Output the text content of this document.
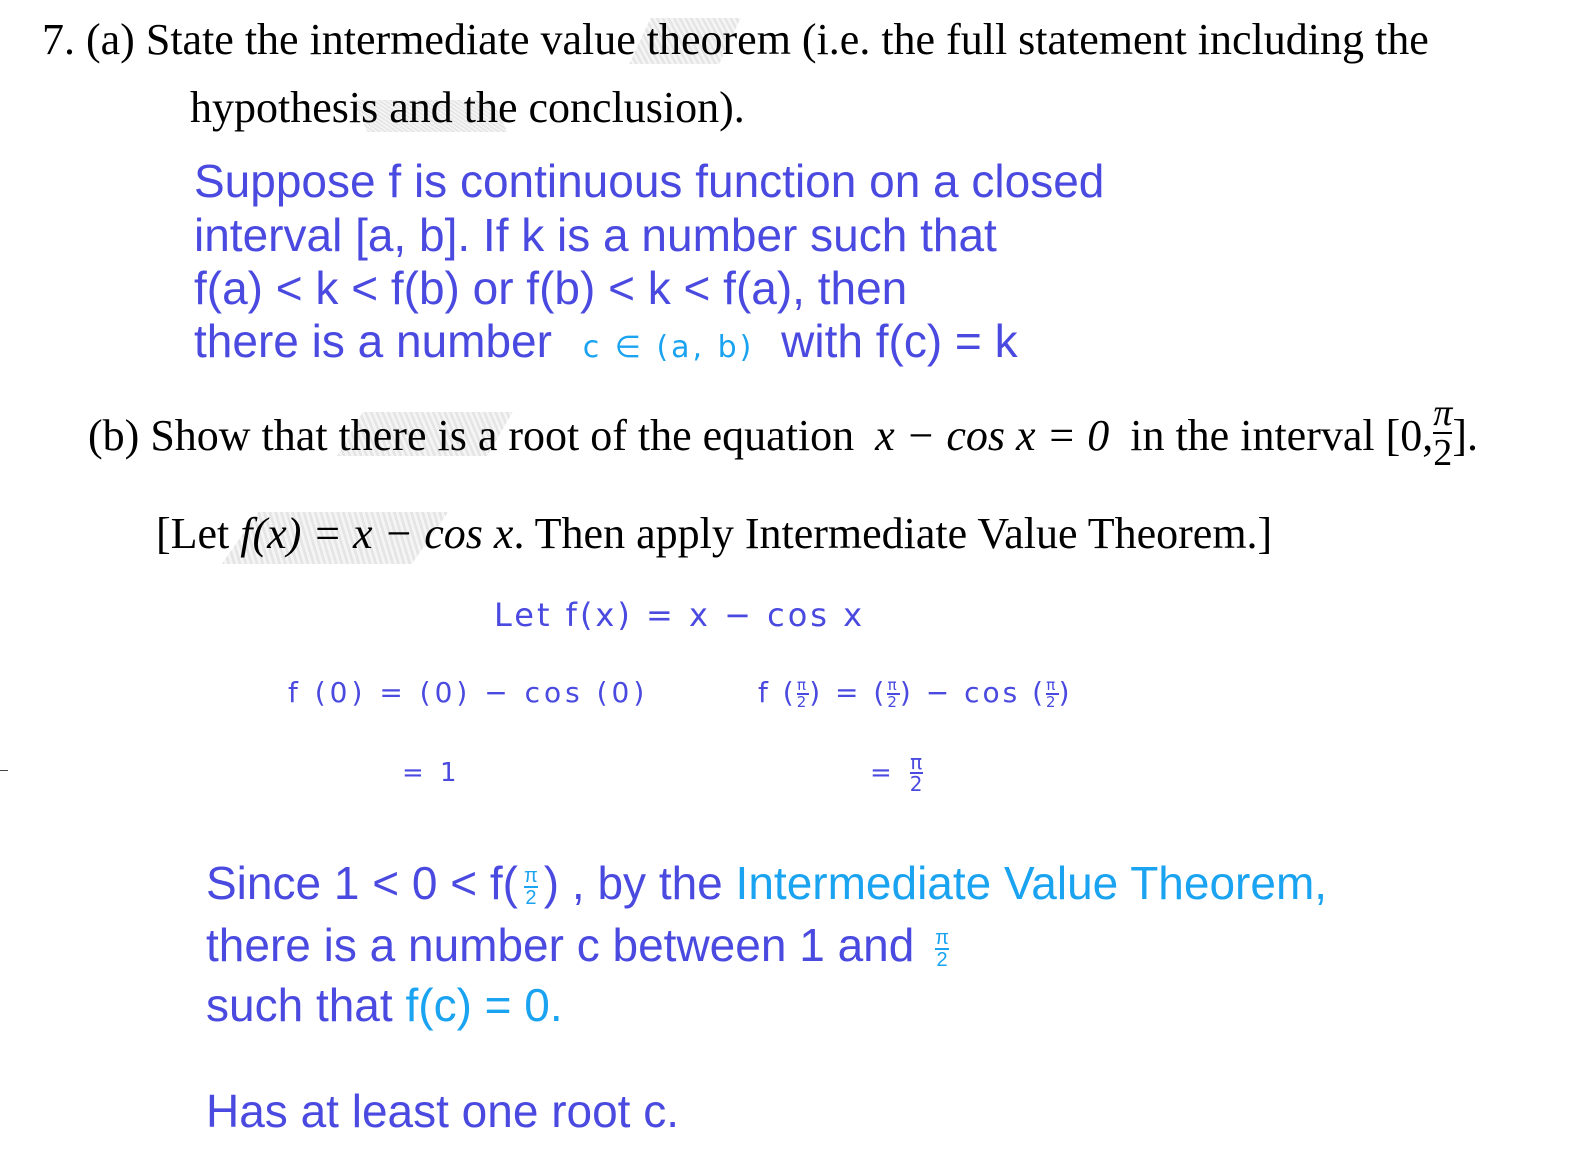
7. (a) State the intermediate value theorem (i.e. the full statement including the
hypothesis and the conclusion).
Suppose f is continuous function on a closed
interval [a, b]. If k is a number such that
f(a) < k < f(b) or f(b) < k < f(a), then
there is a number c ∈ (a, b) with f(c) = k
(b) Show that there is a root of the equation x − cos x = 0 in the interval [0, $\frac{\pi}{2}$ ].
[Let f(x) = x − cos x. Then apply Intermediate Value Theorem.]
Let f(x) = x − cos x
f (0) = (0) − cos (0)
= 1
f ( $\frac{\pi}{2}$ ) = ( $\frac{\pi}{2}$ ) − cos ( $\frac{\pi}{2}$ )
= $\frac{\pi}{2}$
Since $1 < 0 < f( \frac{\pi}{2}$ ) , by the Intermediate Value Theorem,
there is a number c between 1 and $\frac{\pi}{2}$
such that f(c) = 0.
Has at least one root c.
